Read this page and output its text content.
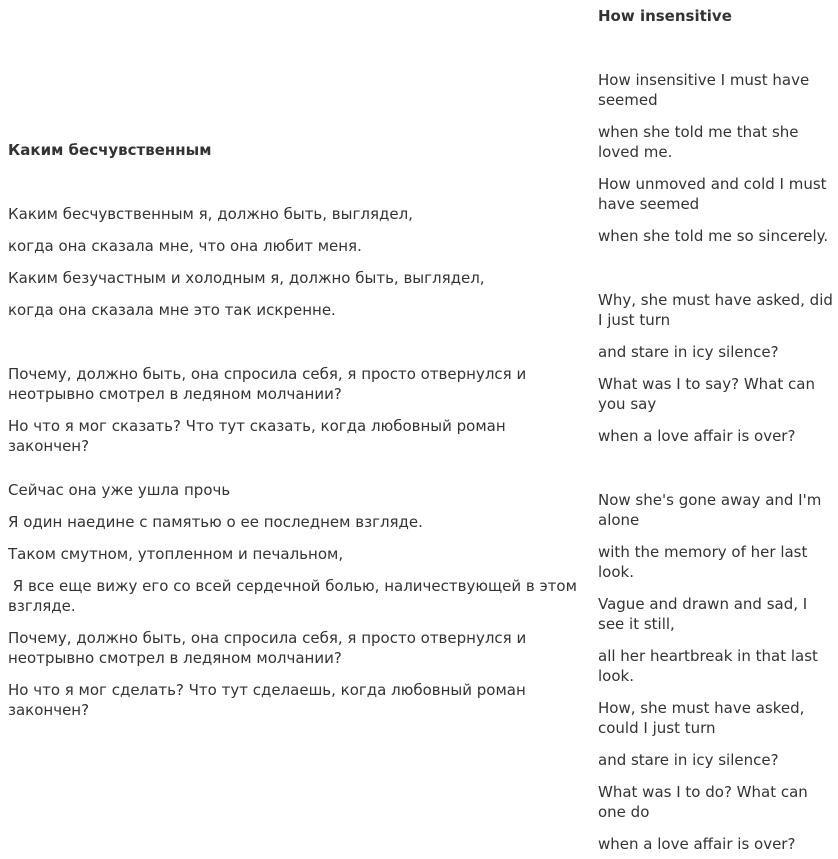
Каким бесчувственным

Каким бесчувственным я, должно быть, выглядел,

когда она сказала мне, что она любит меня.

Каким безучастным и холодным я, должно быть, выглядел,

когда она сказала мне это так искренне.

Почему, должно быть, она спросила себя, я просто отвернулся и неотрывно смотрел в ледяном молчании?

Но что я мог сказать? Что тут сказать, когда любовный роман закончен?

Сейчас она уже ушла прочь

Я один наедине с памятью о ее последнем взгляде.

Таком смутном, утопленном и печальном,

Я все еще вижу его со всей сердечной болью, наличествующей в этом взгляде.

Почему, должно быть, она спросила себя, я просто отвернулся и неотрывно смотрел в ледяном молчании?

Но что я мог сделать? Что тут сделаешь, когда любовный роман закончен?

How insensitive

How insensitive I must have seemed

when she told me that she loved me.

How unmoved and cold I must have seemed

when she told me so sincerely.

Why, she must have asked, did I just turn

and stare in icy silence?

What was I to say? What can you say

when a love affair is over?

Now she's gone away and I'm alone

with the memory of her last look.

Vague and drawn and sad, I see it still,

all her heartbreak in that last look.

How, she must have asked, could I just turn

and stare in icy silence?

What was I to do? What can one do

when a love affair is over?
